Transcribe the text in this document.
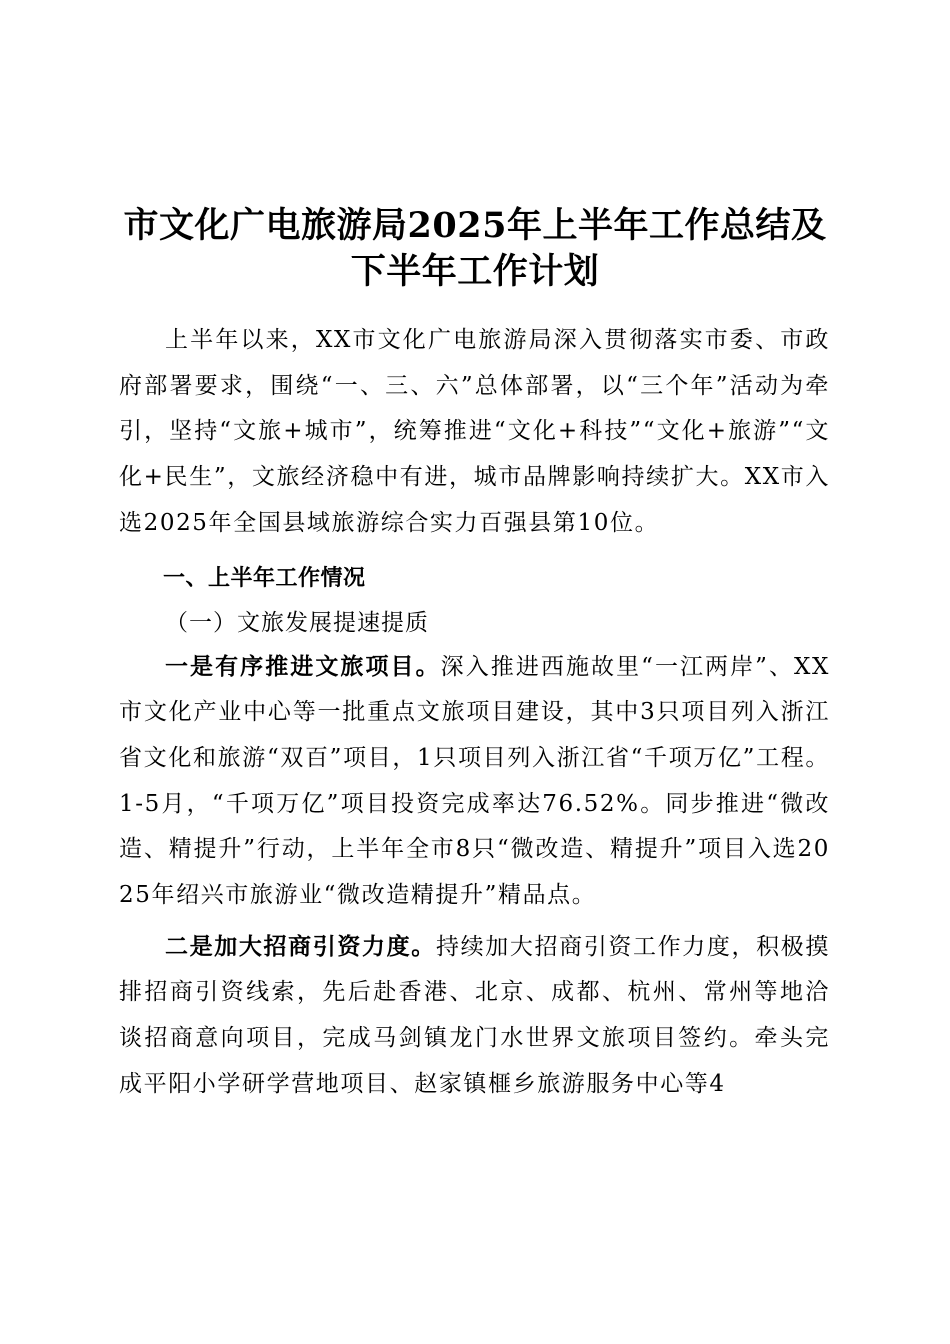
市文化广电旅游局2025年上半年工作总结及
下半年工作计划

上半年以来，XX市文化广电旅游局深入贯彻落实市委、市政府部署要求，围绕“一、三、六”总体部署，以“三个年”活动为牵引，坚持“文旅+城市”，统筹推进“文化+科技”“文化+旅游”“文化+民生”，文旅经济稳中有进，城市品牌影响持续扩大。XX市入选2025年全国县域旅游综合实力百强县第10位。

一、上半年工作情况

（一）文旅发展提速提质

一是有序推进文旅项目。深入推进西施故里“一江两岸”、XX市文化产业中心等一批重点文旅项目建设，其中3只项目列入浙江省文化和旅游“双百”项目，1只项目列入浙江省“千项万亿”工程。1-5月，“千项万亿”项目投资完成率达76.52%。同步推进“微改造、精提升”行动，上半年全市8只“微改造、精提升”项目入选2025年绍兴市旅游业“微改造精提升”精品点。

二是加大招商引资力度。持续加大招商引资工作力度，积极摸排招商引资线索，先后赴香港、北京、成都、杭州、常州等地洽谈招商意向项目，完成马剑镇龙门水世界文旅项目签约。牵头完成平阳小学研学营地项目、赵家镇榧乡旅游服务中心等4
